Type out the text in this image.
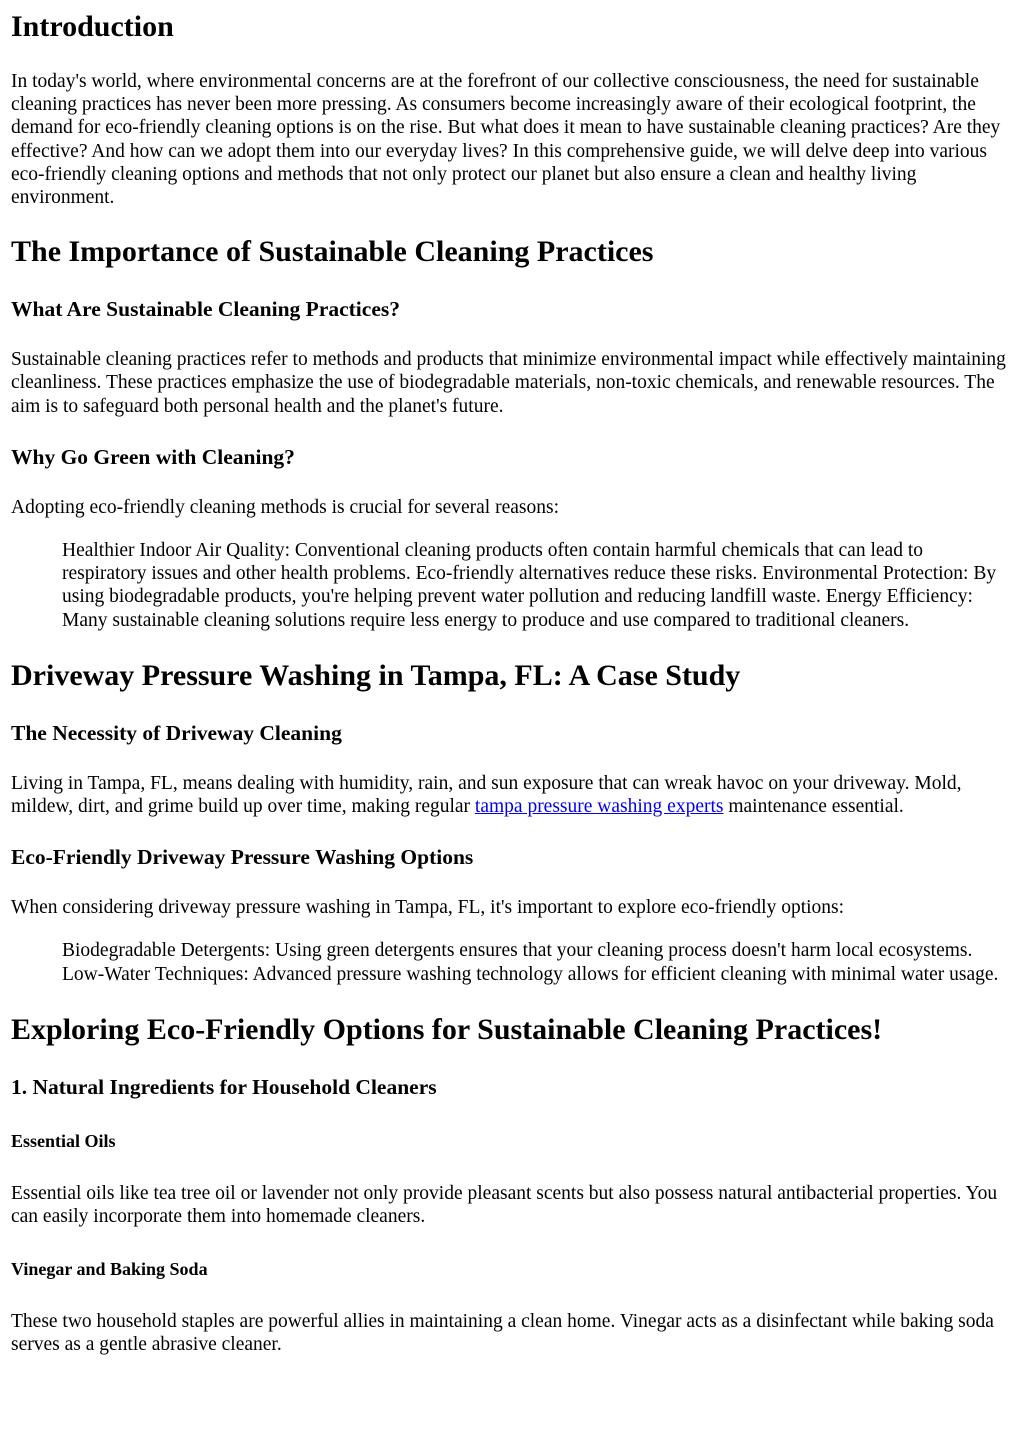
Introduction

In today's world, where environmental concerns are at the forefront of our collective consciousness, the need for sustainable cleaning practices has never been more pressing. As consumers become increasingly aware of their ecological footprint, the demand for eco-friendly cleaning options is on the rise. But what does it mean to have sustainable cleaning practices? Are they effective? And how can we adopt them into our everyday lives? In this comprehensive guide, we will delve deep into various eco-friendly cleaning options and methods that not only protect our planet but also ensure a clean and healthy living environment.

The Importance of Sustainable Cleaning Practices
What Are Sustainable Cleaning Practices?

Sustainable cleaning practices refer to methods and products that minimize environmental impact while effectively maintaining cleanliness. These practices emphasize the use of biodegradable materials, non-toxic chemicals, and renewable resources. The aim is to safeguard both personal health and the planet's future.

Why Go Green with Cleaning?

Adopting eco-friendly cleaning methods is crucial for several reasons:

Healthier Indoor Air Quality: Conventional cleaning products often contain harmful chemicals that can lead to respiratory issues and other health problems. Eco-friendly alternatives reduce these risks. Environmental Protection: By using biodegradable products, you're helping prevent water pollution and reducing landfill waste. Energy Efficiency: Many sustainable cleaning solutions require less energy to produce and use compared to traditional cleaners.

Driveway Pressure Washing in Tampa, FL: A Case Study
The Necessity of Driveway Cleaning

Living in Tampa, FL, means dealing with humidity, rain, and sun exposure that can wreak havoc on your driveway. Mold, mildew, dirt, and grime build up over time, making regular tampa pressure washing experts maintenance essential.

Eco-Friendly Driveway Pressure Washing Options

When considering driveway pressure washing in Tampa, FL, it's important to explore eco-friendly options:

Biodegradable Detergents: Using green detergents ensures that your cleaning process doesn't harm local ecosystems. Low-Water Techniques: Advanced pressure washing technology allows for efficient cleaning with minimal water usage.

Exploring Eco-Friendly Options for Sustainable Cleaning Practices!
1. Natural Ingredients for Household Cleaners
Essential Oils

Essential oils like tea tree oil or lavender not only provide pleasant scents but also possess natural antibacterial properties. You can easily incorporate them into homemade cleaners.

Vinegar and Baking Soda

These two household staples are powerful allies in maintaining a clean home. Vinegar acts as a disinfectant while baking soda serves as a gentle abrasive cleaner.
